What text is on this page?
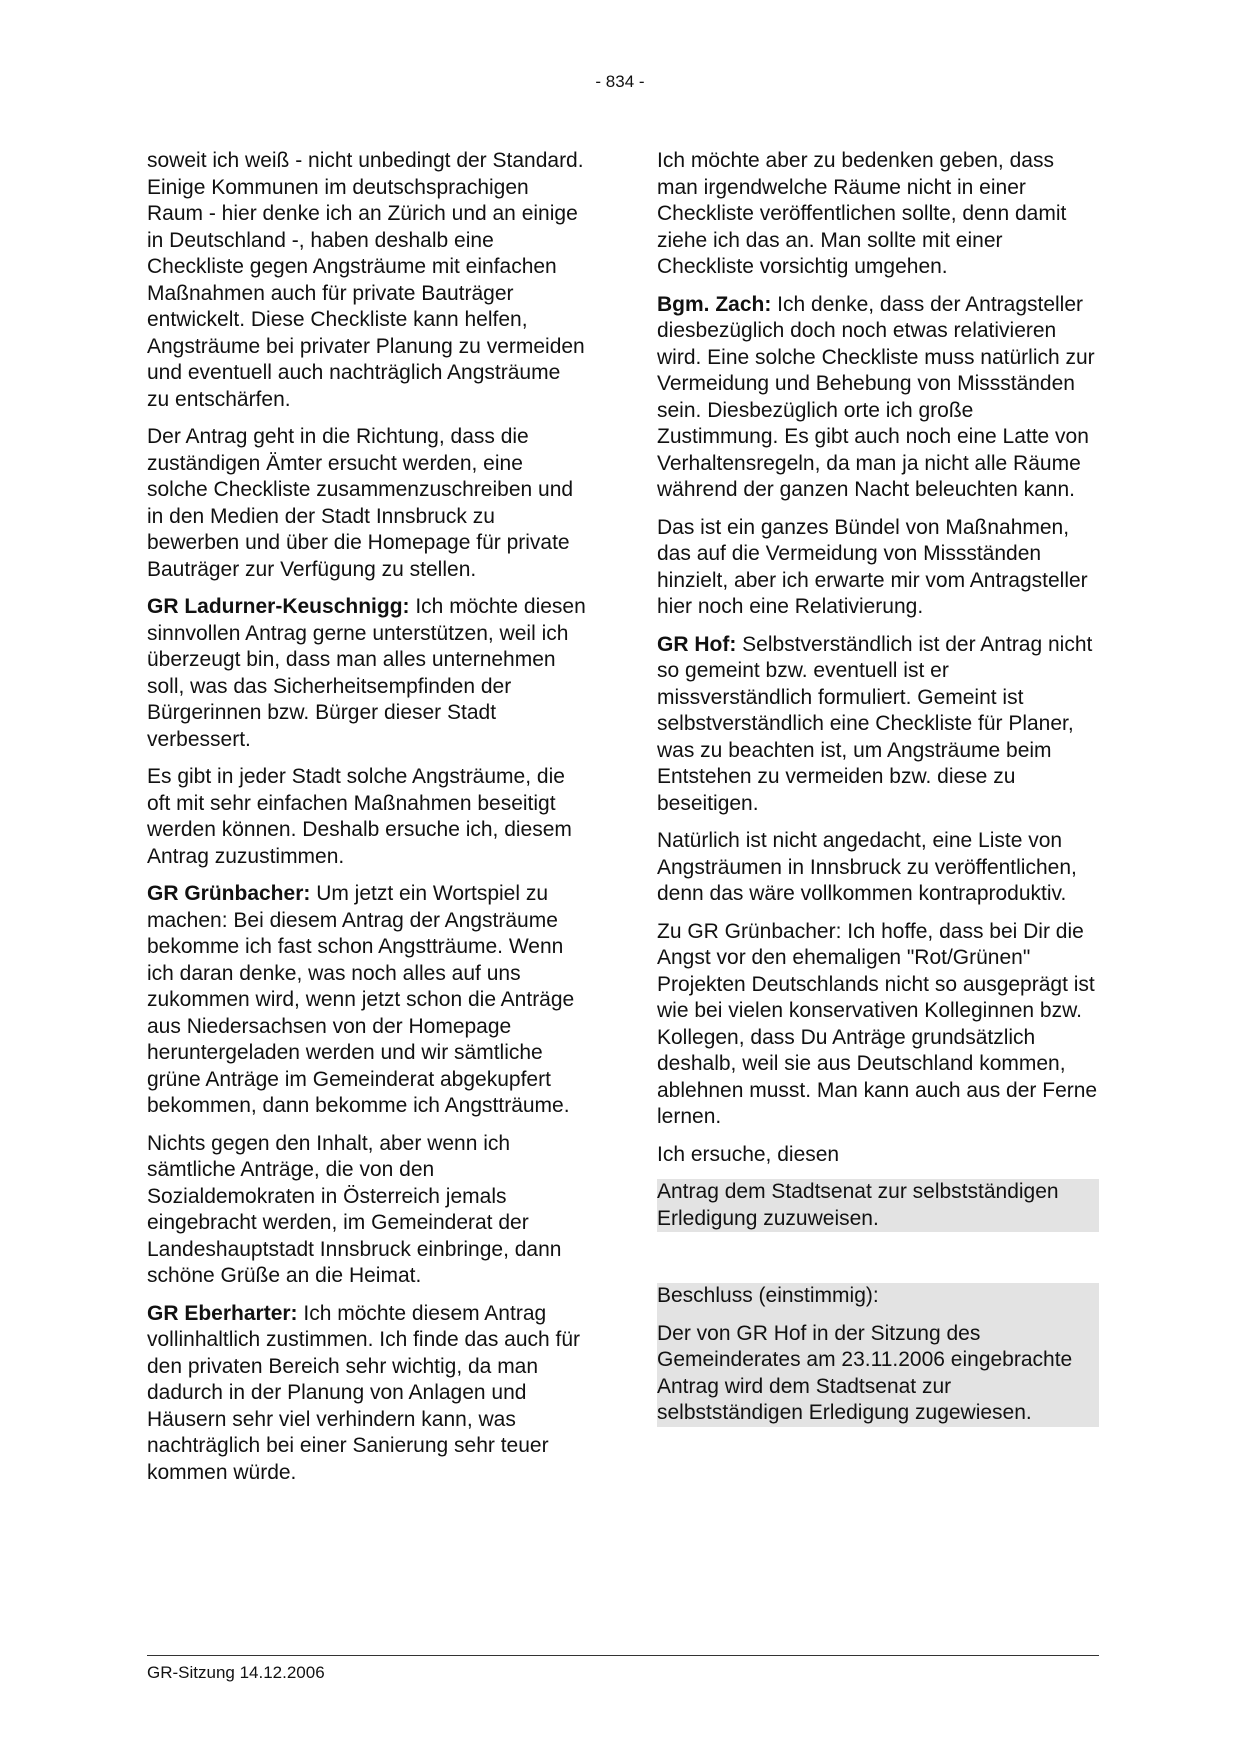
- 834 -

soweit ich weiß - nicht unbedingt der Standard. Einige Kommunen im deutschsprachigen Raum - hier denke ich an Zürich und an einige in Deutschland -, haben deshalb eine Checkliste gegen Angsträume mit einfachen Maßnahmen auch für private Bauträger entwickelt. Diese Checkliste kann helfen, Angsträume bei privater Planung zu vermeiden und eventuell auch nachträglich Angsträume zu entschärfen.

Der Antrag geht in die Richtung, dass die zuständigen Ämter ersucht werden, eine solche Checkliste zusammenzuschreiben und in den Medien der Stadt Innsbruck zu bewerben und über die Homepage für private Bauträger zur Verfügung zu stellen.

GR Ladurner-Keuschnigg: Ich möchte diesen sinnvollen Antrag gerne unterstützen, weil ich überzeugt bin, dass man alles unternehmen soll, was das Sicherheitsempfinden der Bürgerinnen bzw. Bürger dieser Stadt verbessert.

Es gibt in jeder Stadt solche Angsträume, die oft mit sehr einfachen Maßnahmen beseitigt werden können. Deshalb ersuche ich, diesem Antrag zuzustimmen.

GR Grünbacher: Um jetzt ein Wortspiel zu machen: Bei diesem Antrag der Angsträume bekomme ich fast schon Angstträume. Wenn ich daran denke, was noch alles auf uns zukommen wird, wenn jetzt schon die Anträge aus Niedersachsen von der Homepage heruntergeladen werden und wir sämtliche grüne Anträge im Gemeinderat abgekupfert bekommen, dann bekomme ich Angstträume.

Nichts gegen den Inhalt, aber wenn ich sämtliche Anträge, die von den Sozialdemokraten in Österreich jemals eingebracht werden, im Gemeinderat der Landeshauptstadt Innsbruck einbringe, dann schöne Grüße an die Heimat.

GR Eberharter: Ich möchte diesem Antrag vollinhaltlich zustimmen. Ich finde das auch für den privaten Bereich sehr wichtig, da man dadurch in der Planung von Anlagen und Häusern sehr viel verhindern kann, was nachträglich bei einer Sanierung sehr teuer kommen würde.

Ich möchte aber zu bedenken geben, dass man irgendwelche Räume nicht in einer Checkliste veröffentlichen sollte, denn damit ziehe ich das an. Man sollte mit einer Checkliste vorsichtig umgehen.

Bgm. Zach: Ich denke, dass der Antragsteller diesbezüglich doch noch etwas relativieren wird. Eine solche Checkliste muss natürlich zur Vermeidung und Behebung von Missständen sein. Diesbezüglich orte ich große Zustimmung. Es gibt auch noch eine Latte von Verhaltensregeln, da man ja nicht alle Räume während der ganzen Nacht beleuchten kann.

Das ist ein ganzes Bündel von Maßnahmen, das auf die Vermeidung von Missständen hinzielt, aber ich erwarte mir vom Antragsteller hier noch eine Relativierung.

GR Hof: Selbstverständlich ist der Antrag nicht so gemeint bzw. eventuell ist er missverständlich formuliert. Gemeint ist selbstverständlich eine Checkliste für Planer, was zu beachten ist, um Angsträume beim Entstehen zu vermeiden bzw. diese zu beseitigen.

Natürlich ist nicht angedacht, eine Liste von Angsträumen in Innsbruck zu veröffentlichen, denn das wäre vollkommen kontraproduktiv.

Zu GR Grünbacher: Ich hoffe, dass bei Dir die Angst vor den ehemaligen "Rot/Grünen" Projekten Deutschlands nicht so ausgeprägt ist wie bei vielen konservativen Kolleginnen bzw. Kollegen, dass Du Anträge grundsätzlich deshalb, weil sie aus Deutschland kommen, ablehnen musst. Man kann auch aus der Ferne lernen.

Ich ersuche, diesen

Antrag dem Stadtsenat zur selbstständigen Erledigung zuzuweisen.

Beschluss (einstimmig):

Der von GR Hof in der Sitzung des Gemeinderates am 23.11.2006 eingebrachte Antrag wird dem Stadtsenat zur selbstständigen Erledigung zugewiesen.

GR-Sitzung 14.12.2006
